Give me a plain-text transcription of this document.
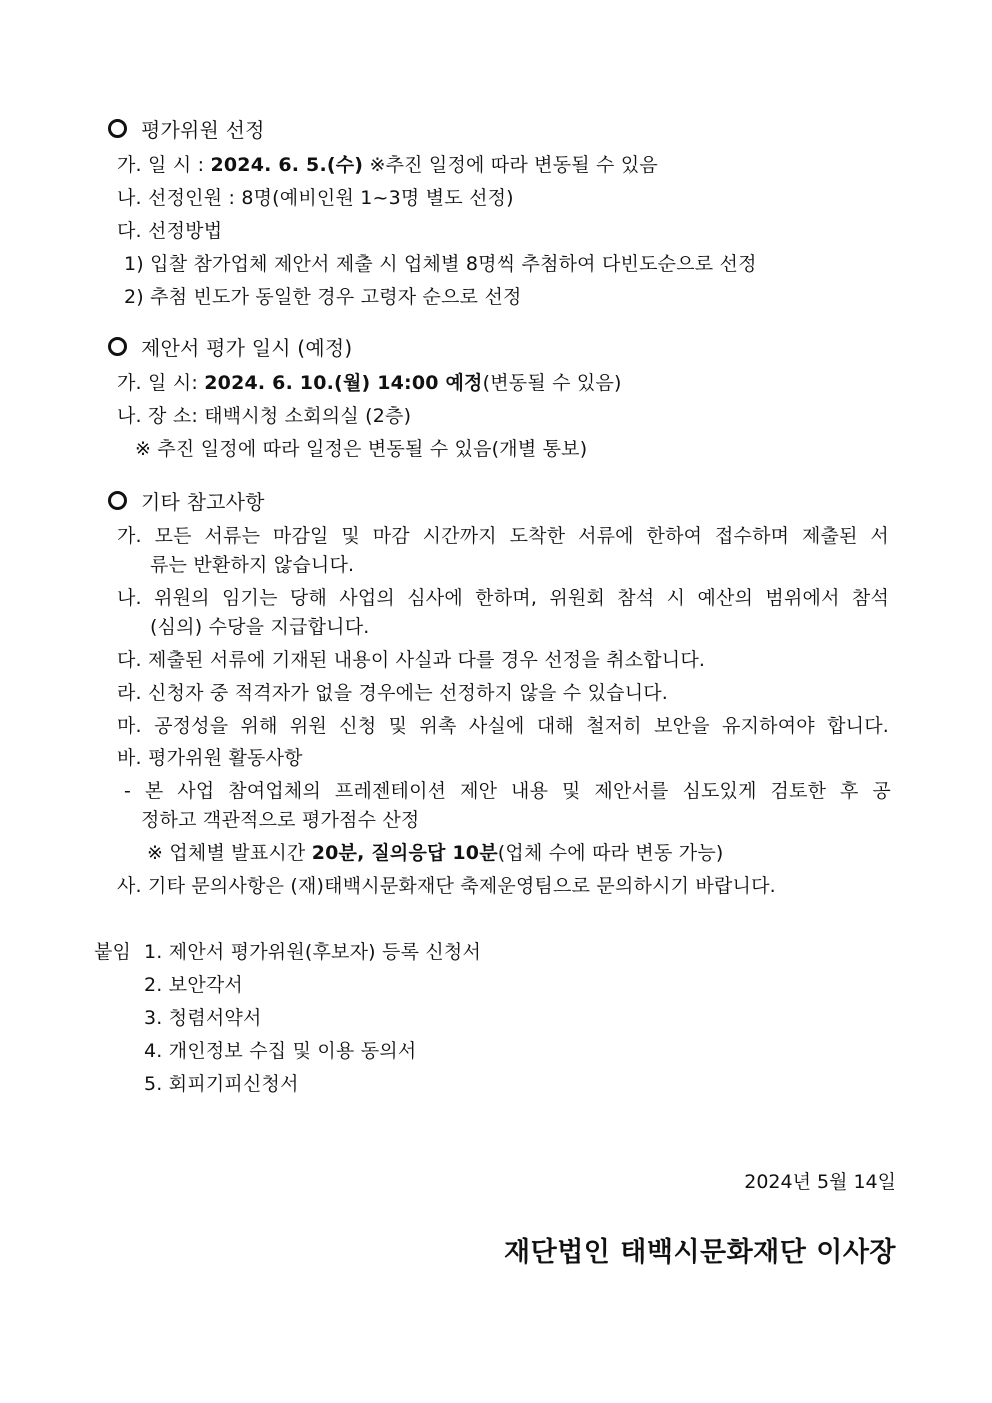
평가위원 선정
가. 일 시 : 2024. 6. 5.(수) ※추진 일정에 따라 변동될 수 있음
나. 선정인원 : 8명(예비인원 1~3명 별도 선정)
다. 선정방법
1) 입찰 참가업체 제안서 제출 시 업체별 8명씩 추첨하여 다빈도순으로 선정
2) 추첨 빈도가 동일한 경우 고령자 순으로 선정
제안서 평가 일시 (예정)
가. 일 시: 2024. 6. 10.(월) 14:00 예정(변동될 수 있음)
나. 장 소: 태백시청 소회의실 (2층)
※ 추진 일정에 따라 일정은 변동될 수 있음(개별 통보)
기타 참고사항
가. 모든 서류는 마감일 및 마감 시간까지 도착한 서류에 한하여 접수하며 제출된 서
류는 반환하지 않습니다.
나. 위원의 임기는 당해 사업의 심사에 한하며, 위원회 참석 시 예산의 범위에서 참석
(심의) 수당을 지급합니다.
다. 제출된 서류에 기재된 내용이 사실과 다를 경우 선정을 취소합니다.
라. 신청자 중 적격자가 없을 경우에는 선정하지 않을 수 있습니다.
마. 공정성을 위해 위원 신청 및 위촉 사실에 대해 철저히 보안을 유지하여야 합니다.
바. 평가위원 활동사항
- 본 사업 참여업체의 프레젠테이션 제안 내용 및 제안서를 심도있게 검토한 후 공
정하고 객관적으로 평가점수 산정
※ 업체별 발표시간 20분, 질의응답 10분(업체 수에 따라 변동 가능)
사. 기타 문의사항은 (재)태백시문화재단 축제운영팀으로 문의하시기 바랍니다.
붙임 1. 제안서 평가위원(후보자) 등록 신청서
2. 보안각서
3. 청렴서약서
4. 개인정보 수집 및 이용 동의서
5. 회피기피신청서
2024년 5월 14일
재단법인 태백시문화재단 이사장
